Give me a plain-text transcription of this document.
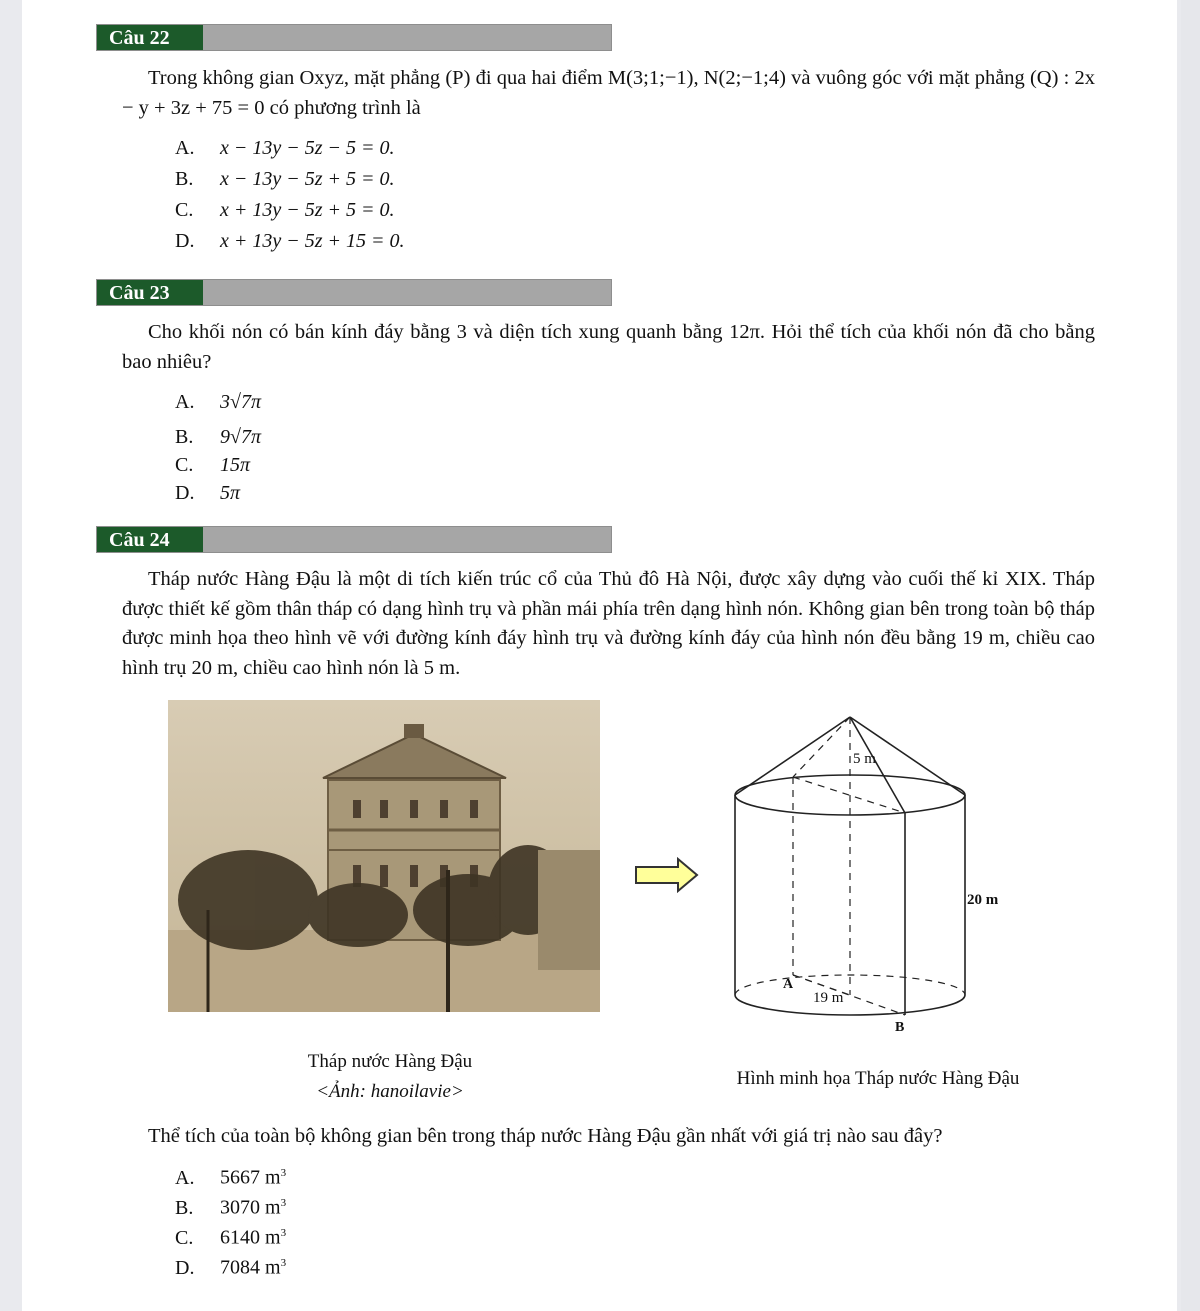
Câu 22
Trong không gian Oxyz, mặt phẳng (P) đi qua hai điểm M(3;1;−1), N(2;−1;4) và vuông góc với mặt phẳng (Q) : 2x − y + 3z + 75 = 0 có phương trình là
A. x − 13y − 5z − 5 = 0.
B. x − 13y − 5z + 5 = 0.
C. x + 13y − 5z + 5 = 0.
D. x + 13y − 5z + 15 = 0.
Câu 23
Cho khối nón có bán kính đáy bằng 3 và diện tích xung quanh bằng 12π. Hỏi thể tích của khối nón đã cho bằng bao nhiêu?
A. 3√7π
B. 9√7π
C. 15π
D. 5π
Câu 24
Tháp nước Hàng Đậu là một di tích kiến trúc cổ của Thủ đô Hà Nội, được xây dựng vào cuối thế kỉ XIX. Tháp được thiết kế gồm thân tháp có dạng hình trụ và phần mái phía trên dạng hình nón. Không gian bên trong toàn bộ tháp được minh họa theo hình vẽ với đường kính đáy hình trụ và đường kính đáy của hình nón đều bằng 19 m, chiều cao hình trụ 20 m, chiều cao hình nón là 5 m.
Tháp nước Hàng Đậu
<Ảnh: hanoilavie>
5 m
20 m
19 m
A
B
Hình minh họa Tháp nước Hàng Đậu
Thể tích của toàn bộ không gian bên trong tháp nước Hàng Đậu gần nhất với giá trị nào sau đây?
A. 5667 $m^3$
B. 3070 $m^3$
C. 6140 $m^3$
D. 7084 $m^3$
